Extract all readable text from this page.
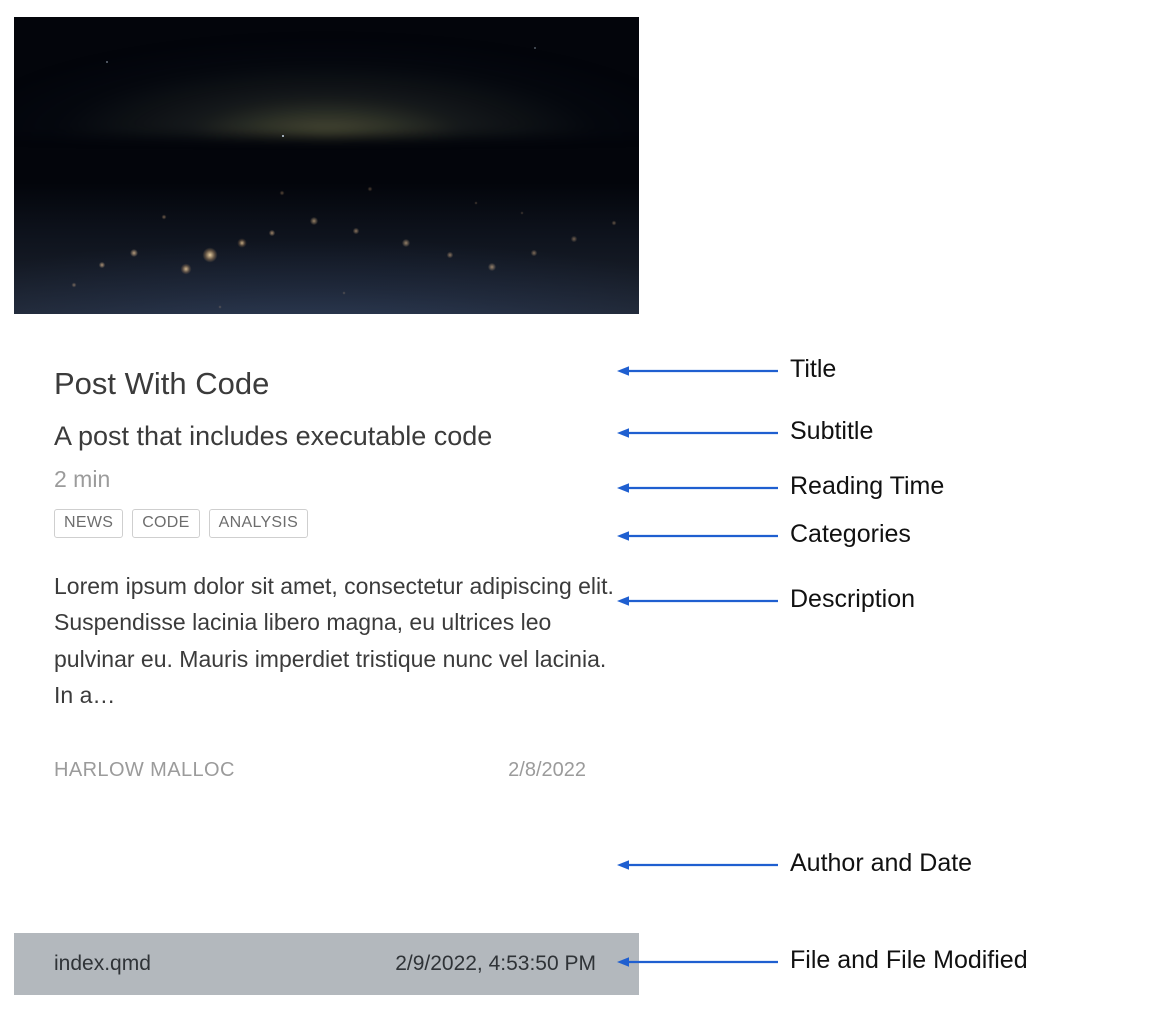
Post With Code
A post that includes executable code
2 min
NEWS	CODE	ANALYSIS

Lorem ipsum dolor sit amet, consectetur adipiscing elit. Suspendisse lacinia libero magna, eu ultrices leo pulvinar eu. Mauris imperdiet tristique nunc vel lacinia. In a…

HARLOW MALLOC	2/8/2022
index.qmd	2/9/2022, 4:53:50 PM
Title
Subtitle
Reading Time
Categories
Description
Author and Date
File and File Modified
